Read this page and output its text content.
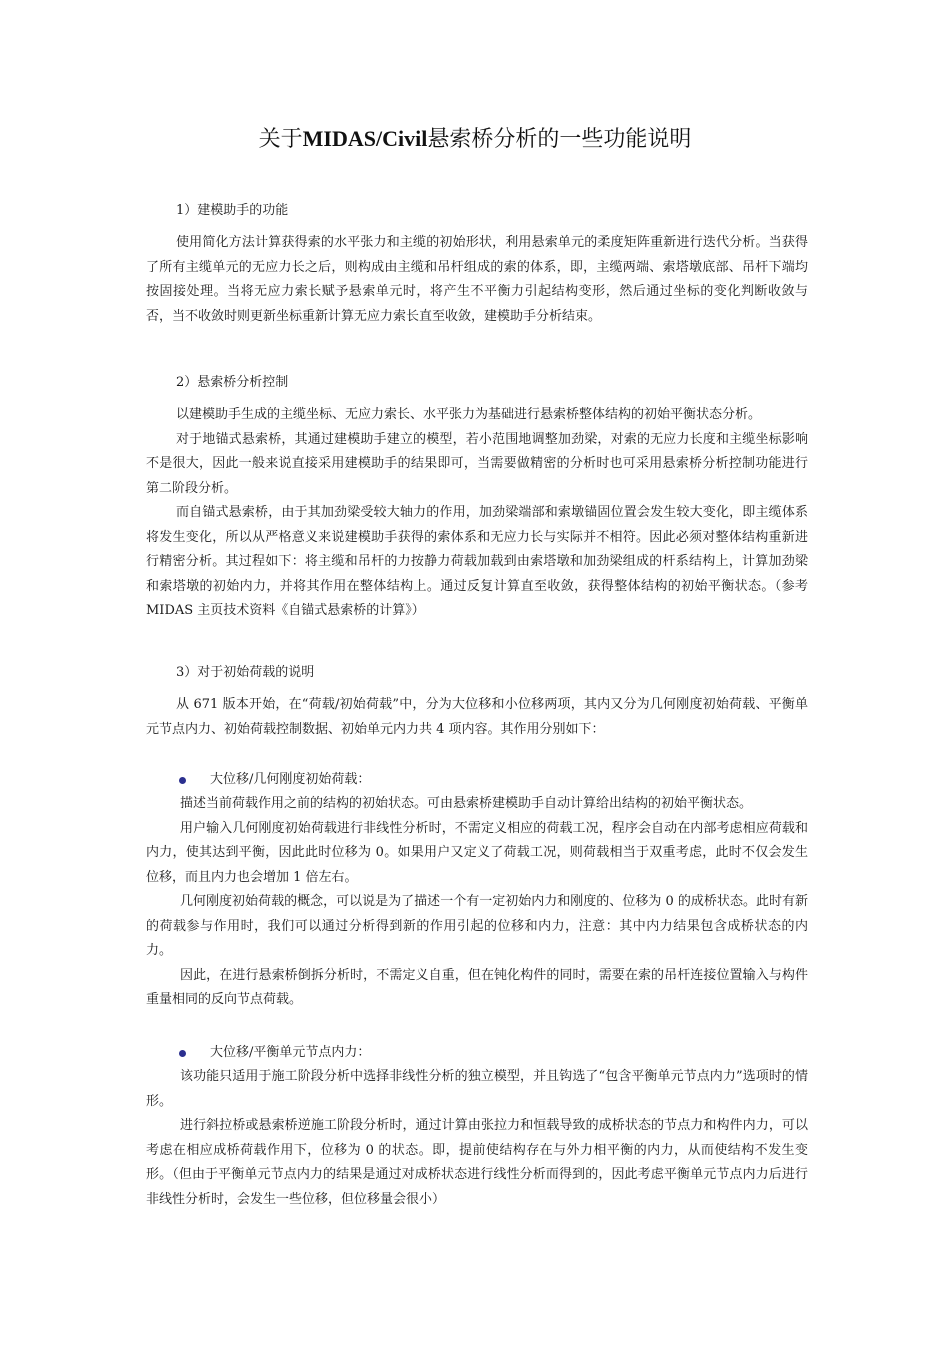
关于MIDAS/Civil悬索桥分析的一些功能说明
1）建模助手的功能

使用简化方法计算获得索的水平张力和主缆的初始形状，利用悬索单元的柔度矩阵重新进行迭代分析。当获得了所有主缆单元的无应力长之后，则构成由主缆和吊杆组成的索的体系，即，主缆两端、索塔墩底部、吊杆下端均按固接处理。当将无应力索长赋予悬索单元时，将产生不平衡力引起结构变形，然后通过坐标的变化判断收敛与否，当不收敛时则更新坐标重新计算无应力索长直至收敛，建模助手分析结束。

2）悬索桥分析控制

以建模助手生成的主缆坐标、无应力索长、水平张力为基础进行悬索桥整体结构的初始平衡状态分析。

对于地锚式悬索桥，其通过建模助手建立的模型，若小范围地调整加劲梁，对索的无应力长度和主缆坐标影响不是很大，因此一般来说直接采用建模助手的结果即可，当需要做精密的分析时也可采用悬索桥分析控制功能进行第二阶段分析。

而自锚式悬索桥，由于其加劲梁受较大轴力的作用，加劲梁端部和索墩锚固位置会发生较大变化，即主缆体系将发生变化，所以从严格意义来说建模助手获得的索体系和无应力长与实际并不相符。因此必须对整体结构重新进行精密分析。其过程如下：将主缆和吊杆的力按静力荷载加载到由索塔墩和加劲梁组成的杆系结构上，计算加劲梁和索塔墩的初始内力，并将其作用在整体结构上。通过反复计算直至收敛，获得整体结构的初始平衡状态。（参考 MIDAS 主页技术资料《自锚式悬索桥的计算》）

3）对于初始荷载的说明

从 671 版本开始，在“荷载/初始荷载”中，分为大位移和小位移两项，其内又分为几何刚度初始荷载、平衡单元节点内力、初始荷载控制数据、初始单元内力共 4 项内容。其作用分别如下：

大位移/几何刚度初始荷载：

描述当前荷载作用之前的结构的初始状态。可由悬索桥建模助手自动计算给出结构的初始平衡状态。

用户输入几何刚度初始荷载进行非线性分析时，不需定义相应的荷载工况，程序会自动在内部考虑相应荷载和内力，使其达到平衡，因此此时位移为 0。如果用户又定义了荷载工况，则荷载相当于双重考虑，此时不仅会发生位移，而且内力也会增加 1 倍左右。

几何刚度初始荷载的概念，可以说是为了描述一个有一定初始内力和刚度的、位移为 0 的成桥状态。此时有新的荷载参与作用时，我们可以通过分析得到新的作用引起的位移和内力，注意：其中内力结果包含成桥状态的内力。

因此，在进行悬索桥倒拆分析时，不需定义自重，但在钝化构件的同时，需要在索的吊杆连接位置输入与构件重量相同的反向节点荷载。

大位移/平衡单元节点内力：

该功能只适用于施工阶段分析中选择非线性分析的独立模型，并且钩选了“包含平衡单元节点内力”选项时的情形。

进行斜拉桥或悬索桥逆施工阶段分析时，通过计算由张拉力和恒载导致的成桥状态的节点力和构件内力，可以考虑在相应成桥荷载作用下，位移为 0 的状态。即，提前使结构存在与外力相平衡的内力，从而使结构不发生变形。（但由于平衡单元节点内力的结果是通过对成桥状态进行线性分析而得到的，因此考虑平衡单元节点内力后进行非线性分析时，会发生一些位移，但位移量会很小）
